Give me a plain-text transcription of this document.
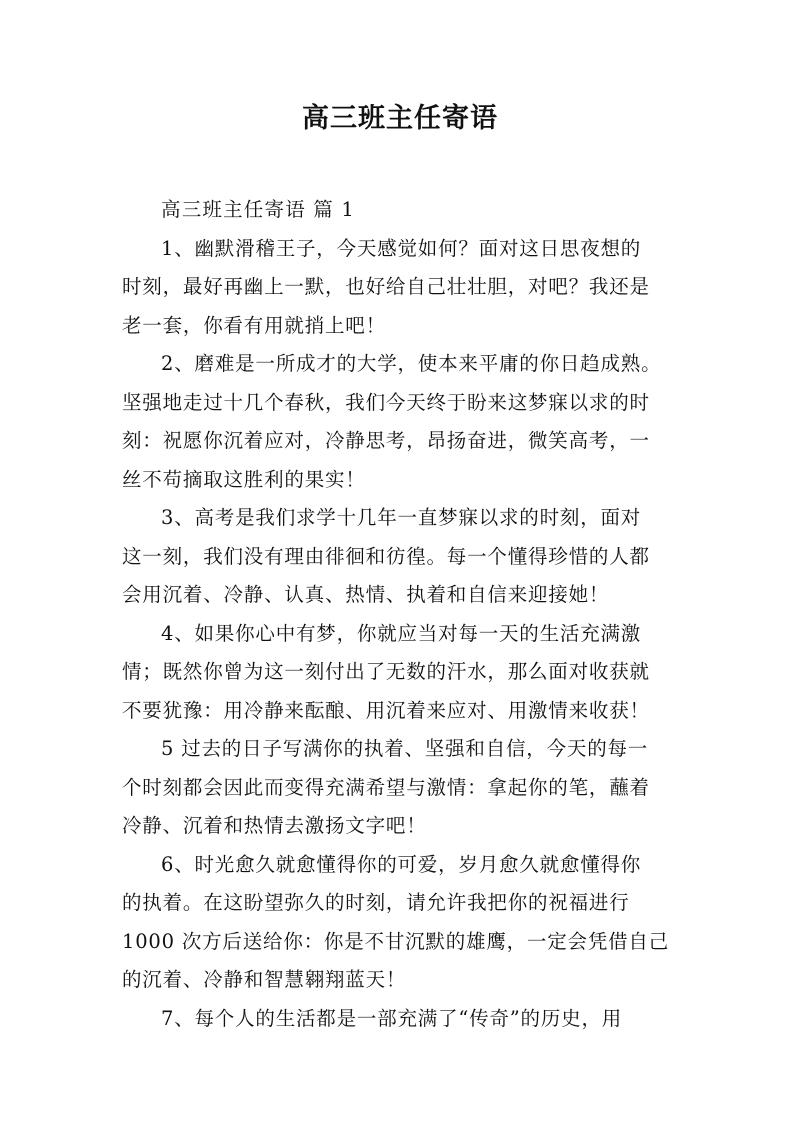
高三班主任寄语

高三班主任寄语 篇 1

1、幽默滑稽王子，今天感觉如何？面对这日思夜想的
时刻，最好再幽上一默，也好给自己壮壮胆，对吧？我还是
老一套，你看有用就捎上吧！

2、磨难是一所成才的大学，使本来平庸的你日趋成熟。
坚强地走过十几个春秋，我们今天终于盼来这梦寐以求的时
刻：祝愿你沉着应对，冷静思考，昂扬奋进，微笑高考，一
丝不苟摘取这胜利的果实！

3、高考是我们求学十几年一直梦寐以求的时刻，面对
这一刻，我们没有理由徘徊和彷徨。每一个懂得珍惜的人都
会用沉着、冷静、认真、热情、执着和自信来迎接她！

4、如果你心中有梦，你就应当对每一天的生活充满激
情；既然你曾为这一刻付出了无数的汗水，那么面对收获就
不要犹豫：用冷静来酝酿、用沉着来应对、用激情来收获！

5 过去的日子写满你的执着、坚强和自信，今天的每一
个时刻都会因此而变得充满希望与激情：拿起你的笔，蘸着
冷静、沉着和热情去激扬文字吧！

6、时光愈久就愈懂得你的可爱，岁月愈久就愈懂得你
的执着。在这盼望弥久的时刻，请允许我把你的祝福进行
1000 次方后送给你：你是不甘沉默的雄鹰，一定会凭借自己
的沉着、冷静和智慧翱翔蓝天！

7、每个人的生活都是一部充满了“传奇”的历史，用
